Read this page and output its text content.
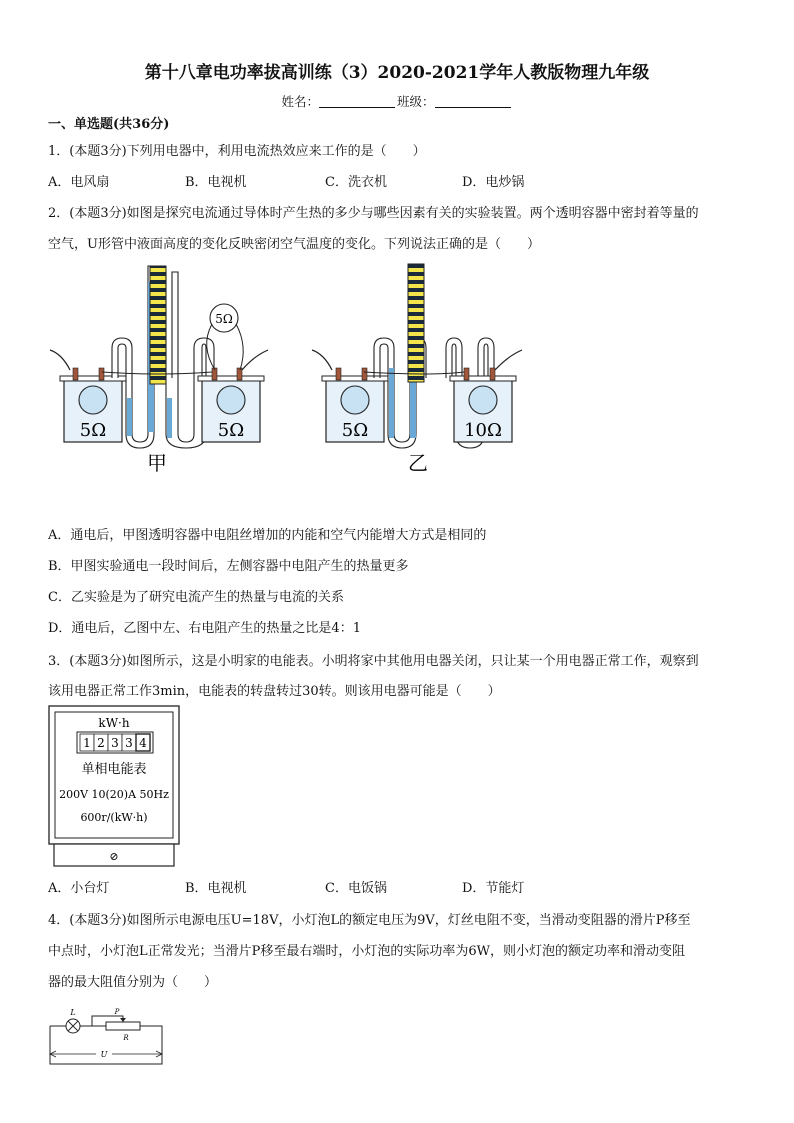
第十八章电功率拔高训练（3）2020-2021学年人教版物理九年级
姓名：	班级：
一、单选题(共36分)
1．(本题3分)下列用电器中，利用电流热效应来工作的是（　　）
A．电风扇	B．电视机	C．洗衣机	D．电炒锅
2．(本题3分)如图是探究电流通过导体时产生热的多少与哪些因素有关的实验装置。两个透明容器中密封着等量的
空气，U形管中液面高度的变化反映密闭空气温度的变化。下列说法正确的是（　　）
5Ω	5Ω
5Ω
甲
5Ω	10Ω
乙
A．通电后，甲图透明容器中电阻丝增加的内能和空气内能增大方式是相同的
B．甲图实验通电一段时间后，左侧容器中电阻产生的热量更多
C．乙实验是为了研究电流产生的热量与电流的关系
D．通电后，乙图中左、右电阻产生的热量之比是4：1
3．(本题3分)如图所示，这是小明家的电能表。小明将家中其他用电器关闭，只让某一个用电器正常工作，观察到
该用电器正常工作3min，电能表的转盘转过30转。则该用电器可能是（　　）
kW·h
1 2 3 3 4
单相电能表
200V 10(20)A 50Hz
600r/(kW·h)
⊘
A．小台灯	B．电视机	C．电饭锅	D．节能灯
4．(本题3分)如图所示电源电压U=18V，小灯泡L的额定电压为9V，灯丝电阻不变，当滑动变阻器的滑片P移至
中点时，小灯泡L正常发光；当滑片P移至最右端时，小灯泡的实际功率为6W，则小灯泡的额定功率和滑动变阻
器的最大阻值分别为（　　）
L
R
P
U
